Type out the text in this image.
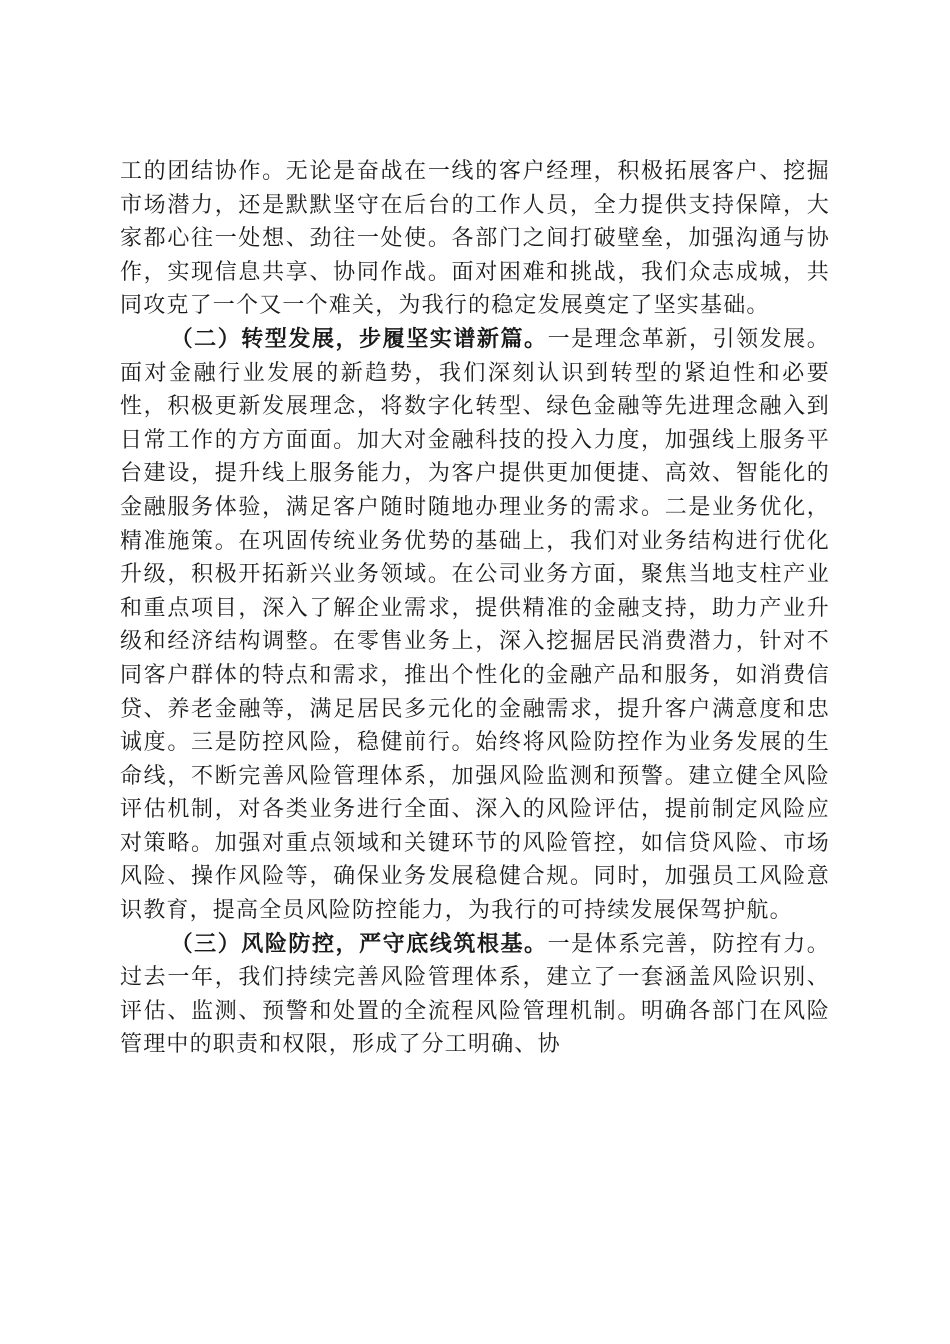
工的团结协作。无论是奋战在一线的客户经理，积极拓展客户、挖掘市场潜力，还是默默坚守在后台的工作人员，全力提供支持保障，大家都心往一处想、劲往一处使。各部门之间打破壁垒，加强沟通与协作，实现信息共享、协同作战。面对困难和挑战，我们众志成城，共同攻克了一个又一个难关，为我行的稳定发展奠定了坚实基础。

（二）转型发展，步履坚实谱新篇。一是理念革新，引领发展。面对金融行业发展的新趋势，我们深刻认识到转型的紧迫性和必要性，积极更新发展理念，将数字化转型、绿色金融等先进理念融入到日常工作的方方面面。加大对金融科技的投入力度，加强线上服务平台建设，提升线上服务能力，为客户提供更加便捷、高效、智能化的金融服务体验，满足客户随时随地办理业务的需求。二是业务优化，精准施策。在巩固传统业务优势的基础上，我们对业务结构进行优化升级，积极开拓新兴业务领域。在公司业务方面，聚焦当地支柱产业和重点项目，深入了解企业需求，提供精准的金融支持，助力产业升级和经济结构调整。在零售业务上，深入挖掘居民消费潜力，针对不同客户群体的特点和需求，推出个性化的金融产品和服务，如消费信贷、养老金融等，满足居民多元化的金融需求，提升客户满意度和忠诚度。三是防控风险，稳健前行。始终将风险防控作为业务发展的生命线，不断完善风险管理体系，加强风险监测和预警。建立健全风险评估机制，对各类业务进行全面、深入的风险评估，提前制定风险应对策略。加强对重点领域和关键环节的风险管控，如信贷风险、市场风险、操作风险等，确保业务发展稳健合规。同时，加强员工风险意识教育，提高全员风险防控能力，为我行的可持续发展保驾护航。

（三）风险防控，严守底线筑根基。一是体系完善，防控有力。过去一年，我们持续完善风险管理体系，建立了一套涵盖风险识别、评估、监测、预警和处置的全流程风险管理机制。明确各部门在风险管理中的职责和权限，形成了分工明确、协
